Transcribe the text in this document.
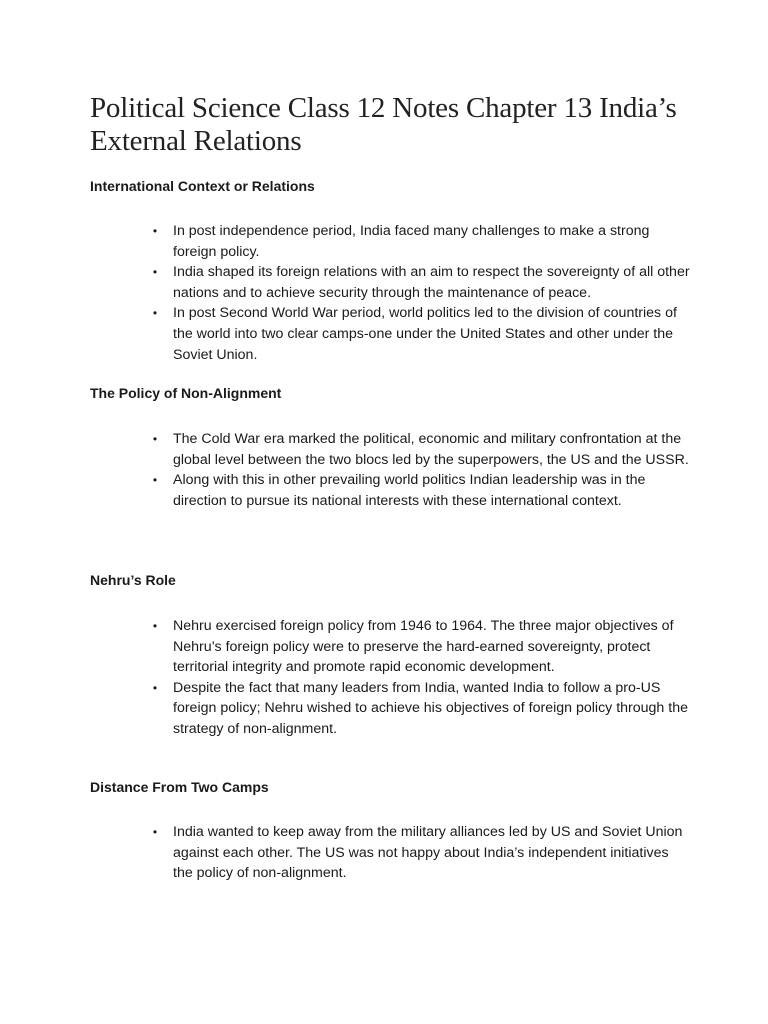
Political Science Class 12 Notes Chapter 13 India’s External Relations
International Context or Relations
• In post independence period, India faced many challenges to make a strong foreign policy.
• India shaped its foreign relations with an aim to respect the sovereignty of all other nations and to achieve security through the maintenance of peace.
• In post Second World War period, world politics led to the division of countries of the world into two clear camps-one under the United States and other under the Soviet Union.
The Policy of Non-Alignment
• The Cold War era marked the political, economic and military confrontation at the global level between the two blocs led by the superpowers, the US and the USSR.
• Along with this in other prevailing world politics Indian leadership was in the direction to pursue its national interests with these international context.
Nehru’s Role
• Nehru exercised foreign policy from 1946 to 1964. The three major objectives of Nehru’s foreign policy were to preserve the hard-earned sovereignty, protect territorial integrity and promote rapid economic development.
• Despite the fact that many leaders from India, wanted India to follow a pro-US foreign policy; Nehru wished to achieve his objectives of foreign policy through the strategy of non-alignment.
Distance From Two Camps
• India wanted to keep away from the military alliances led by US and Soviet Union against each other. The US was not happy about India’s independent initiatives the policy of non-alignment.
